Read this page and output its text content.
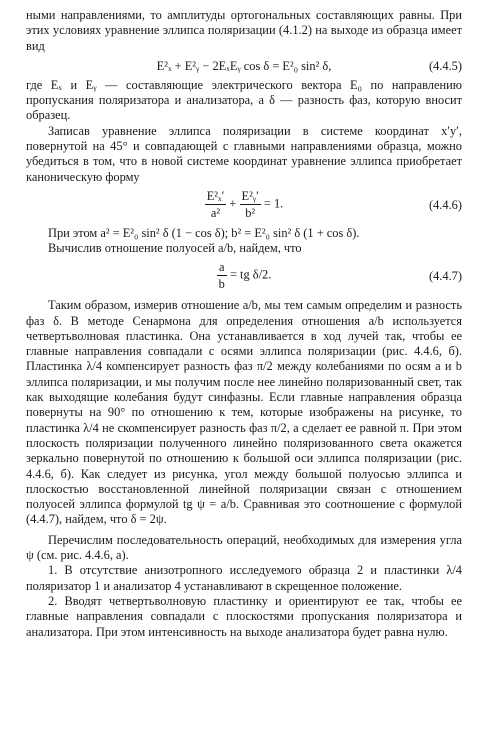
ными направлениями, то амплитуды ортогональных составляющих равны. При этих условиях уравнение эллипса поляризации (4.1.2) на выходе из образца имеет вид

E²ₓ + E²ᵧ − 2EₓEᵧ cos δ = E²₀ sin² δ,	(4.4.5)

где Eₓ и Eᵧ — составляющие электрического вектора E₀ по направлению пропускания поляризатора и анализатора, а δ — разность фаз, которую вносит образец.

Записав уравнение эллипса поляризации в системе координат x′y′, повернутой на 45° и совпадающей с главными направлениями образца, можно убедиться в том, что в новой системе координат уравнение эллипса приобретает каноническую форму

$\frac{\text{E²ₓ′}}{\text{a²}} + \frac{\text{E²ᵧ′}}{\text{b²}} = 1$.	(4.4.6)

При этом a² = E²₀ sin² δ (1 − cos δ); b² = E²₀ sin² δ (1 + cos δ).

Вычислив отношение полуосей a/b, найдем, что

$\frac{a}{b}$ = tg δ/2.	(4.4.7)

Таким образом, измерив отношение a/b, мы тем самым определим и разность фаз δ. В методе Сенармона для определения отношения a/b используется четвертьволновая пластинка. Она устанавливается в ход лучей так, чтобы ее главные направления совпадали с осями эллипса поляризации (рис. 4.4.6, б). Пластинка λ/4 компенсирует разность фаз π/2 между колебаниями по осям a и b эллипса поляризации, и мы получим после нее линейно поляризованный свет, так как выходящие колебания будут синфазны. Если главные направления образца повернуты на 90° по отношению к тем, которые изображены на рисунке, то пластинка λ/4 не скомпенсирует разность фаз π/2, а сделает ее равной π. При этом плоскость поляризации полученного линейно поляризованного света окажется зеркально повернутой по отношению к большой оси эллипса поляризации (рис. 4.4.6, б). Как следует из рисунка, угол между большой полуосью эллипса и плоскостью восстановленной линейной поляризации связан с отношением полуосей эллипса формулой tg ψ = a/b. Сравнивая это соотношение с формулой (4.4.7), найдем, что δ = 2ψ.

Перечислим последовательность операций, необходимых для измерения угла ψ (см. рис. 4.4.6, а).

1. В отсутствие анизотропного исследуемого образца 2 и пластинки λ/4 поляризатор 1 и анализатор 4 устанавливают в скрещенное положение.

2. Вводят четвертьволновую пластинку и ориентируют ее так, чтобы ее главные направления совпадали с плоскостями пропускания поляризатора и анализатора. При этом интенсивность на выходе анализатора будет равна нулю.
